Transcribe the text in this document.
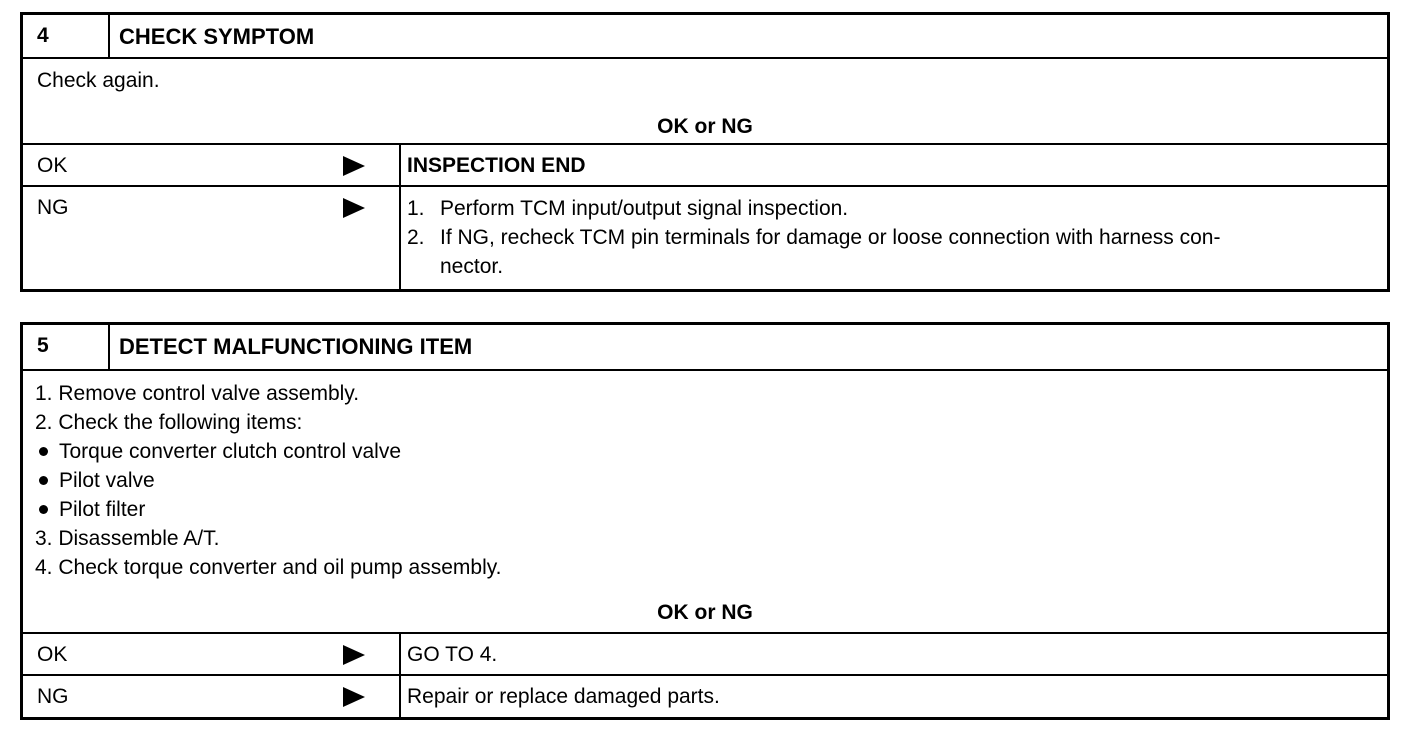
4	CHECK SYMPTOM
Check again.
OK or NG
OK	INSPECTION END
NG	1. Perform TCM input/output signal inspection.
2. If NG, recheck TCM pin terminals for damage or loose connection with harness con-
nector.
5	DETECT MALFUNCTIONING ITEM
1. Remove control valve assembly.
2. Check the following items:
Torque converter clutch control valve
Pilot valve
Pilot filter
3. Disassemble A/T.
4. Check torque converter and oil pump assembly.
OK or NG
OK	GO TO 4.
NG	Repair or replace damaged parts.
